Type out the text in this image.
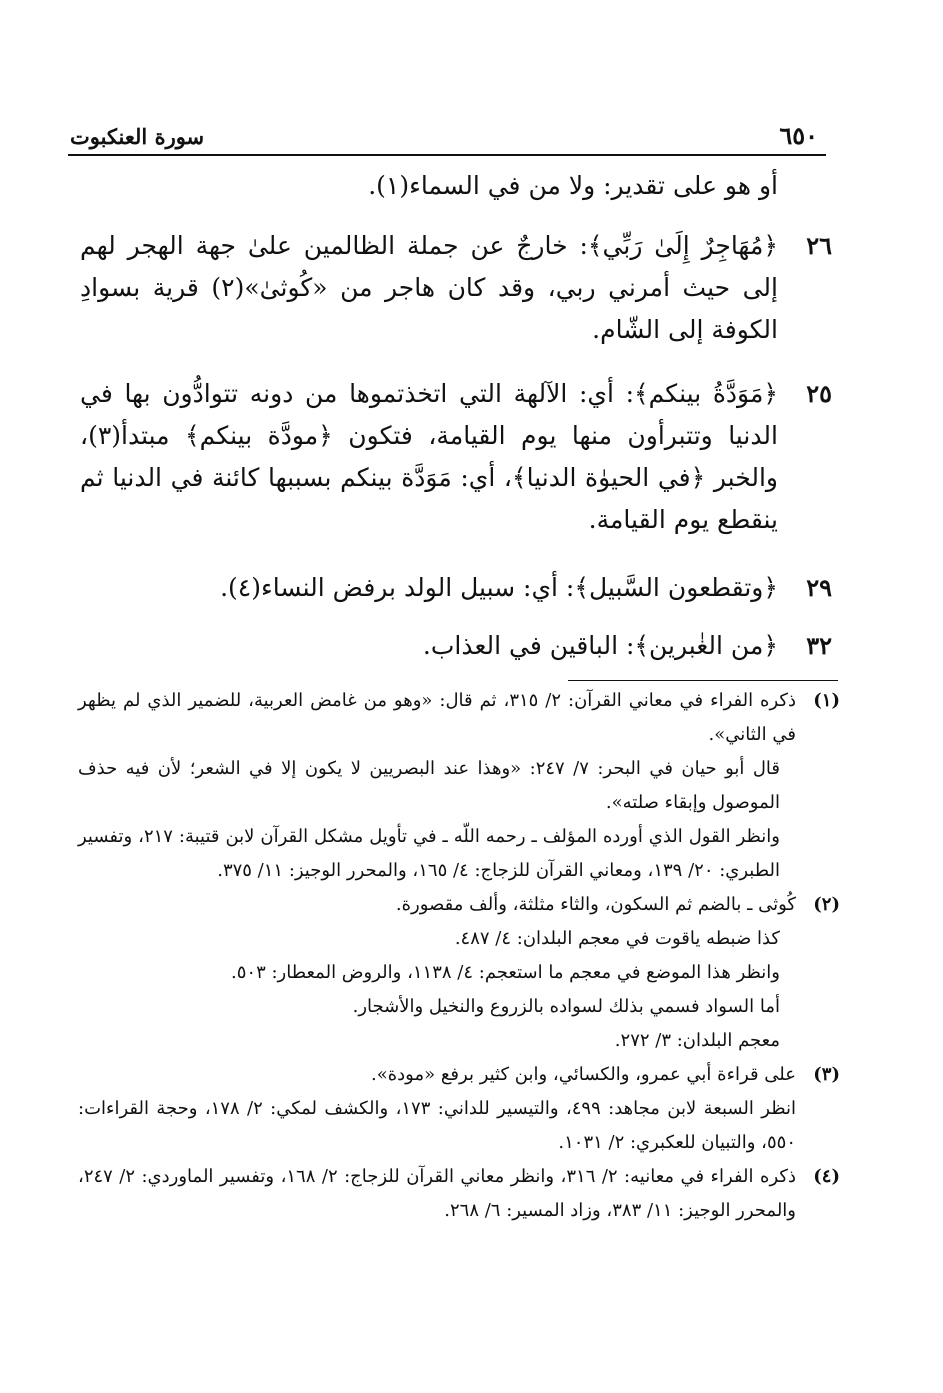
سورة العنكبوت	٦٥٠
أو هو على تقدير: ولا من في السماء(١).
٢٦
﴿مُهَاجِرٌ إِلَىٰ رَبِّي﴾: خارجٌ عن جملة الظالمين علىٰ جهة الهجر لهم إلى حيث أمرني ربي، وقد كان هاجر من «كُوثىٰ»(٢) قرية بسوادِ الكوفة إلى الشّام.
٢٥
﴿مَوَدَّةُ بينكم﴾: أي: الآلهة التي اتخذتموها من دونه تتوادُّون بها في الدنيا وتتبرأون منها يوم القيامة، فتكون ﴿مودَّة بينكم﴾ مبتدأ(٣)، والخبر ﴿في الحيوٰة الدنيا﴾، أي: مَوَدَّة بينكم بسببها كائنة في الدنيا ثم ينقطع يوم القيامة.
٢٩
﴿وتقطعون السَّبيل﴾: أي: سبيل الولد برفض النساء(٤).
٣٢
﴿من الغٰبرين﴾: الباقين في العذاب.
(١)

ذكره الفراء في معاني القرآن: ٢/ ٣١٥، ثم قال: «وهو من غامض العربية، للضمير الذي لم يظهر في الثاني».

قال أبو حيان في البحر: ٧/ ٢٤٧: «وهذا عند البصريين لا يكون إلا في الشعر؛ لأن فيه حذف الموصول وإبقاء صلته».

وانظر القول الذي أورده المؤلف ـ رحمه اللّه ـ في تأويل مشكل القرآن لابن قتيبة: ٢١٧، وتفسير الطبري: ٢٠/ ١٣٩، ومعاني القرآن للزجاج: ٤/ ١٦٥، والمحرر الوجيز: ١١/ ٣٧٥.

(٢)

كُوثى ـ بالضم ثم السكون، والثاء مثلثة، وألف مقصورة.

كذا ضبطه ياقوت في معجم البلدان: ٤/ ٤٨٧.

وانظر هذا الموضع في معجم ما استعجم: ٤/ ١١٣٨، والروض المعطار: ٥٠٣.

أما السواد فسمي بذلك لسواده بالزروع والنخيل والأشجار.

معجم البلدان: ٣/ ٢٧٢.

(٣)

على قراءة أبي عمرو، والكسائي، وابن كثير برفع «مودة».

انظر السبعة لابن مجاهد: ٤٩٩، والتيسير للداني: ١٧٣، والكشف لمكي: ٢/ ١٧٨، وحجة القراءات: ٥٥٠، والتبيان للعكبري: ٢/ ١٠٣١.

(٤)

ذكره الفراء في معانيه: ٢/ ٣١٦، وانظر معاني القرآن للزجاج: ٢/ ١٦٨، وتفسير الماوردي: ٢/ ٢٤٧، والمحرر الوجيز: ١١/ ٣٨٣، وزاد المسير: ٦/ ٢٦٨.
